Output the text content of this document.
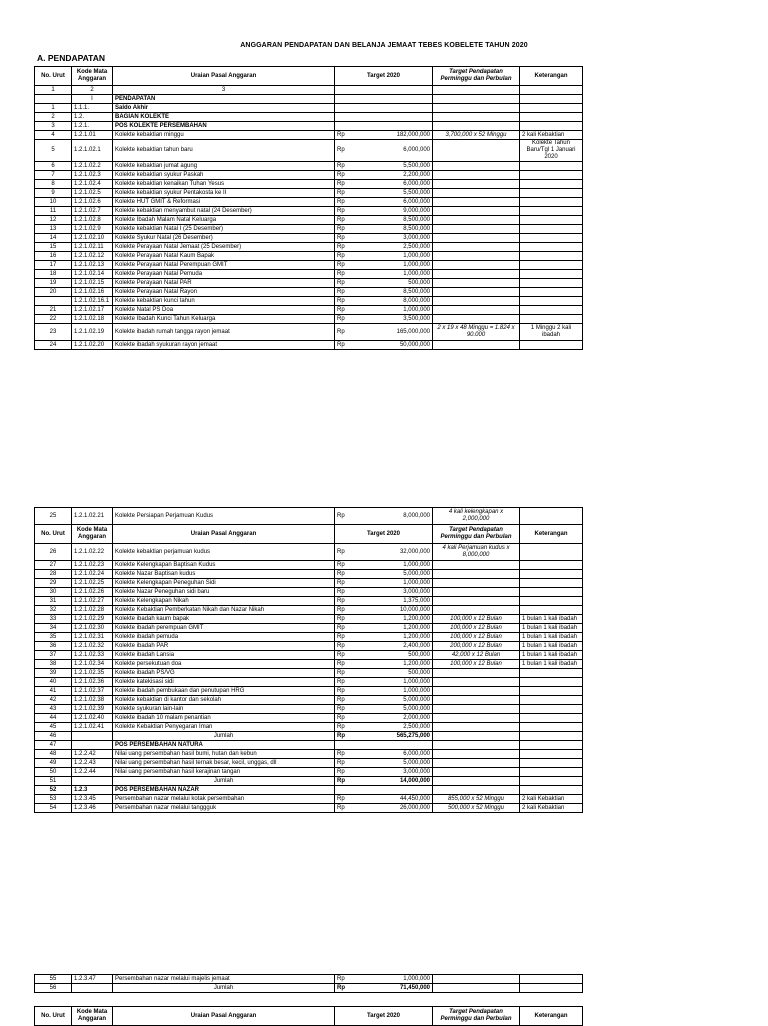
ANGGARAN PENDAPATAN DAN BELANJA JEMAAT TEBES KOBELETE TAHUN 2020
A. PENDAPATAN
No. Urut	Kode Mata Anggaran	Uraian Pasal Anggaran	Target 2020		Target Pendapatan Perminggu dan Perbulan	Keterangan
1	2	3				
	I	PENDAPATAN				
1	1.1.1.	Saldo Akhir				
2	1.2.	BAGIAN KOLEKTE				
3	1.2.1.	POS KOLEKTE PERSEMBAHAN				
4	1.2.1.01	Kolekte kebaktian minggu	Rp	182,000,000	3,700,000 x 52 Minggu	2 kali Kebaktian
5	1.2.1.02.1	Kolekte kebaktian tahun baru	Rp	6,000,000		Kolekte Tahun Baru/Tgl 1 Januari 2020
6	1.2.1.02.2	Kolekte kebaktian jumat agung	Rp	5,500,000		
7	1.2.1.02.3	Kolekte kebaktian syukur Paskah	Rp	2,200,000		
8	1.2.1.02.4	Kolekte kebaktian kenaikan Tuhan Yesus	Rp	6,000,000		
9	1.2.1.02.5	Kolekte kebaktian syukur Pentakosta ke II	Rp	5,500,000		
10	1.2.1.02.6	Kolekte HUT GMIT & Reformasi	Rp	6,000,000		
11	1.2.1.02.7	Kolekte kebaktian menyambut natal (24 Desember)	Rp	9,000,000		
12	1.2.1.02.8	Kolekte Ibadah Malam Natal Keluarga	Rp	8,500,000		
13	1.2.1.02.9	Kolekte kebaktian Natal I (25 Desember)	Rp	8,500,000		
14	1.2.1.02.10	Kolekte Syukur Natal (26 Desember)	Rp	3,000,000		
15	1.2.1.02.11	Kolekte Perayaan Natal Jemaat (25 Desember)	Rp	2,500,000		
16	1.2.1.02.12	Kolekte Perayaan Natal Kaum Bapak	Rp	1,000,000		
17	1.2.1.02.13	Kolekte Perayaan Natal Perempuan GMIT	Rp	1,000,000		
18	1.2.1.02.14	Kolekte Perayaan Natal Pemuda	Rp	1,000,000		
19	1.2.1.02.15	Kolekte Perayaan Natal PAR	Rp	500,000		
20	1.2.1.02.16	Kolekte Perayaan Natal Rayon	Rp	8,500,000		
	1.2.1.02.16.1	Kolekte kebaktian kunci tahun	Rp	8,000,000		
21	1.2.1.02.17	Kolekte Natal PS Doa	Rp	1,000,000		
22	1.2.1.02.18	Kolekte Ibadah Kunci Tahun Keluarga	Rp	3,500,000		
23	1.2.1.02.19	Kolekte ibadah rumah tangga rayon jemaat	Rp	165,000,000	2 x 19 x 48 Minggu = 1.824 x 90.000	1 Minggu 2 kali ibadah
24	1.2.1.02.20	Kolekte ibadah syukuran rayon jemaat	Rp	50,000,000		
25	1.2.1.02.21	Kolekte Persiapan Perjamuan Kudus	Rp	8,000,000	4 kali kelengkapan x 2,000,000	
No. Urut	Kode Mata Anggaran	Uraian Pasal Anggaran	Target 2020		Target Pendapatan Perminggu dan Perbulan	Keterangan
26	1.2.1.02.22	Kolekte kebaktian perjamuan kudus	Rp	32,000,000	4 kali Perjamuan kudus x 8,000,000	
27	1.2.1.02.23	Kolekte Kelengkapan Baptisan Kudus	Rp	1,000,000		
28	1.2.1.02.24	Kolekte Nazar Baptisan kudus	Rp	5,000,000		
29	1.2.1.02.25	Kolekte Kelengkapan Peneguhan Sidi	Rp	1,000,000		
30	1.2.1.02.26	Kolekte Nazar Peneguhan sidi baru	Rp	3,000,000		
31	1.2.1.02.27	Kolekte Kelengkapan Nikah	Rp	1,375,000		
32	1.2.1.02.28	Kolekte Kebaktian Pemberkatan Nikah dan Nazar Nikah	Rp	10,000,000		
33	1.2.1.02.29	Kolekte ibadah kaum bapak	Rp	1,200,000	100,000 x 12 Bulan	1 bulan 1 kali ibadah
34	1.2.1.02.30	Kolekte ibadah perempuan GMIT	Rp	1,200,000	100,000 x 12 Bulan	1 bulan 1 kali ibadah
35	1.2.1.02.31	Kolekte ibadah pemuda	Rp	1,200,000	100,000 x 12 Bulan	1 bulan 1 kali ibadah
36	1.2.1.02.32	Kolekte ibadah PAR	Rp	2,400,000	200,000 x 12 Bulan	1 bulan 1 kali ibadah
37	1.2.1.02.33	Kolekte ibadah Lansia	Rp	500,000	42,000 x 12 Bulan	1 bulan 1 kali ibadah
38	1.2.1.02.34	Kolekte persekutuan doa	Rp	1,200,000	100,000 x 12 Bulan	1 bulan 1 kali ibadah
39	1.2.1.02.35	Kolekte ibadah PS/VG	Rp	500,000		
40	1.2.1.02.36	Kolekte katekisasi sidi	Rp	1,000,000		
41	1.2.1.02.37	Kolekte ibadah pembukaan dan penutupan HRG	Rp	1,000,000		
42	1.2.1.02.38	Kolekte kebaktian di kantor dan sekolah	Rp	5,000,000		
43	1.2.1.02.39	Kolekte syukuran lain-lain	Rp	5,000,000		
44	1.2.1.02.40	Kolekte ibadah 10 malam penantian	Rp	2,000,000		
45	1.2.1.02.41	Kolekte Kebaktian Penyegaran Iman	Rp	2,500,000		
46		Jumlah	Rp	565,275,000		
47		POS PERSEMBAHAN NATURA				
48	1.2.2.42	Nilai uang persembahan hasil bumi, hutan dan kebun	Rp	6,000,000		
49	1.2.2.43	Nilai uang persembahan hasil ternak besar, kecil, unggas, dll	Rp	5,000,000		
50	1.2.2.44	Nilai uang persembahan hasil kerajinan tangan	Rp	3,000,000		
51		Jumlah	Rp	14,000,000		
52	1.2.3	POS PERSEMBAHAN NAZAR				
53	1.2.3.45	Persembahan nazar melalui kotak persembahan	Rp	44,450,000	855,000 x 52 Minggu	2 kali Kebaktian
54	1.2.3.46	Persembahan nazar melalui tanggguk	Rp	26,000,000	500,000 x 52 Minggu	2 kali Kebaktian
55	1.2.3.47	Persembahan nazar melalui majelis jemaat	Rp	1,000,000		
56		Jumlah	Rp	71,450,000		
No. Urut	Kode Mata Anggaran	Uraian Pasal Anggaran	Target 2020	Target Pendapatan Perminggu dan Perbulan	Keterangan
